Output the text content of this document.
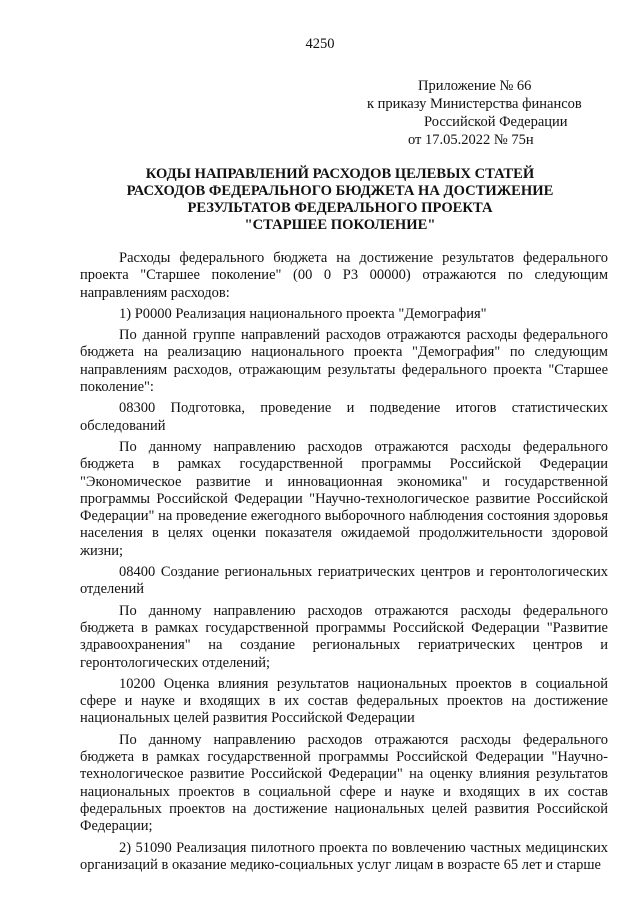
4250
Приложение № 66
к приказу Министерства финансов
Российской Федерации
от 17.05.2022 № 75н
КОДЫ НАПРАВЛЕНИЙ РАСХОДОВ ЦЕЛЕВЫХ СТАТЕЙ
РАСХОДОВ ФЕДЕРАЛЬНОГО БЮДЖЕТА НА ДОСТИЖЕНИЕ
РЕЗУЛЬТАТОВ ФЕДЕРАЛЬНОГО ПРОЕКТА
"СТАРШЕЕ ПОКОЛЕНИЕ"

Расходы федерального бюджета на достижение результатов федерального проекта "Старшее поколение" (00 0 Р3 00000) отражаются по следующим направлениям расходов:

1) Р0000 Реализация национального проекта "Демография"

По данной группе направлений расходов отражаются расходы федерального бюджета на реализацию национального проекта "Демография" по следующим направлениям расходов, отражающим результаты федерального проекта "Старшее поколение":

08300 Подготовка, проведение и подведение итогов статистических обследований

По данному направлению расходов отражаются расходы федерального бюджета в рамках государственной программы Российской Федерации "Экономическое развитие и инновационная экономика" и государственной программы Российской Федерации "Научно-технологическое развитие Российской Федерации" на проведение ежегодного выборочного наблюдения состояния здоровья населения в целях оценки показателя ожидаемой продолжительности здоровой жизни;

08400 Создание региональных гериатрических центров и геронтологических отделений

По данному направлению расходов отражаются расходы федерального бюджета в рамках государственной программы Российской Федерации "Развитие здравоохранения" на создание региональных гериатрических центров и геронтологических отделений;

10200 Оценка влияния результатов национальных проектов в социальной сфере и науке и входящих в их состав федеральных проектов на достижение национальных целей развития Российской Федерации

По данному направлению расходов отражаются расходы федерального бюджета в рамках государственной программы Российской Федерации "Научно-технологическое развитие Российской Федерации" на оценку влияния результатов национальных проектов в социальной сфере и науке и входящих в их состав федеральных проектов на достижение национальных целей развития Российской Федерации;

2) 51090 Реализация пилотного проекта по вовлечению частных медицинских организаций в оказание медико-социальных услуг лицам в возрасте 65 лет и старше
